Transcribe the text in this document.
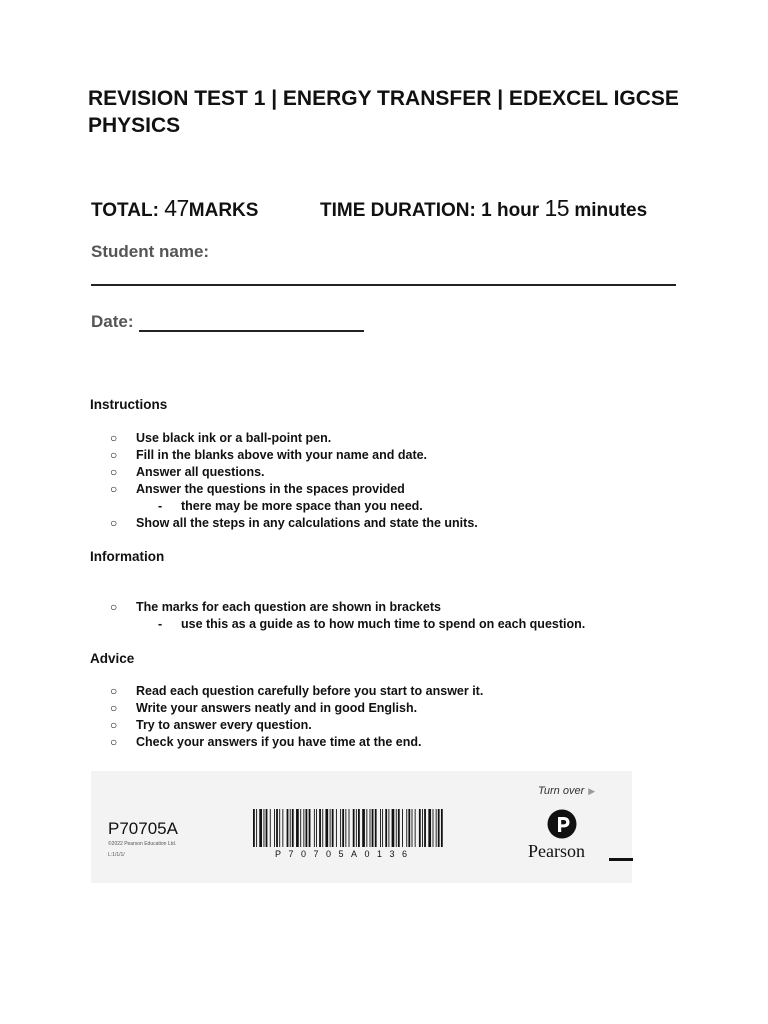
REVISION TEST 1 | ENERGY TRANSFER | EDEXCEL IGCSE PHYSICS
TOTAL: 47MARKS	TIME DURATION: 1 hour 15 minutes
Student name:
Date:
Instructions
○ Use black ink or a ball-point pen.
○ Fill in the blanks above with your name and date.
○ Answer all questions.
○ Answer the questions in the spaces provided
- there may be more space than you need.
○ Show all the steps in any calculations and state the units.
Information
○ The marks for each question are shown in brackets
- use this as a guide as to how much time to spend on each question.
Advice
○ Read each question carefully before you start to answer it.
○ Write your answers neatly and in good English.
○ Try to answer every question.
○ Check your answers if you have time at the end.
Turn over ▶
P70705A
©2022 Pearson Education Ltd.
L:1/1/1/	P70705A0136	Pearson
